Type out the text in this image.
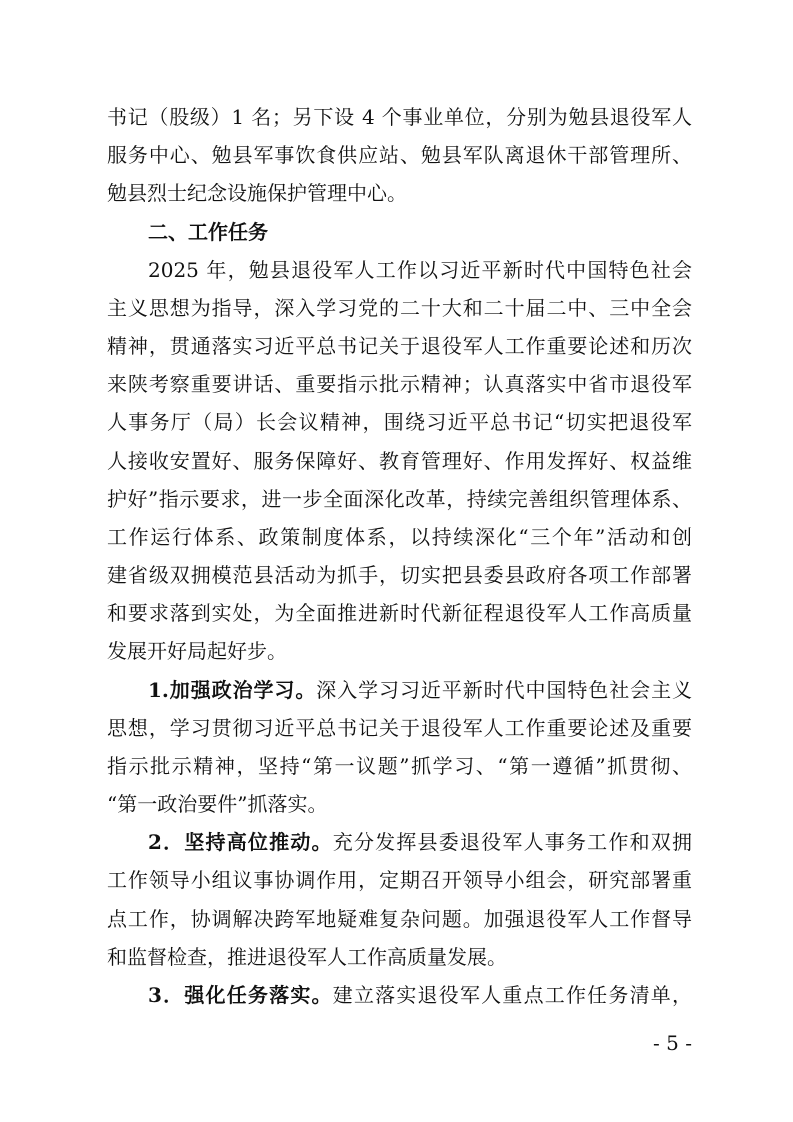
书记（股级）1 名；另下设 4 个事业单位，分别为勉县退役军人
服务中心、勉县军事饮食供应站、勉县军队离退休干部管理所、
勉县烈士纪念设施保护管理中心。
二、工作任务
2025 年，勉县退役军人工作以习近平新时代中国特色社会
主义思想为指导，深入学习党的二十大和二十届二中、三中全会
精神，贯通落实习近平总书记关于退役军人工作重要论述和历次
来陕考察重要讲话、重要指示批示精神；认真落实中省市退役军
人事务厅（局）长会议精神，围绕习近平总书记“切实把退役军
人接收安置好、服务保障好、教育管理好、作用发挥好、权益维
护好”指示要求，进一步全面深化改革，持续完善组织管理体系、
工作运行体系、政策制度体系，以持续深化“三个年”活动和创
建省级双拥模范县活动为抓手，切实把县委县政府各项工作部署
和要求落到实处，为全面推进新时代新征程退役军人工作高质量
发展开好局起好步。
1.加强政治学习。深入学习习近平新时代中国特色社会主义
思想，学习贯彻习近平总书记关于退役军人工作重要论述及重要
指示批示精神，坚持“第一议题”抓学习、“第一遵循”抓贯彻、
“第一政治要件”抓落实。
2．坚持高位推动。充分发挥县委退役军人事务工作和双拥
工作领导小组议事协调作用，定期召开领导小组会，研究部署重
点工作，协调解决跨军地疑难复杂问题。加强退役军人工作督导
和监督检查，推进退役军人工作高质量发展。
3．强化任务落实。建立落实退役军人重点工作任务清单，
- 5 -
